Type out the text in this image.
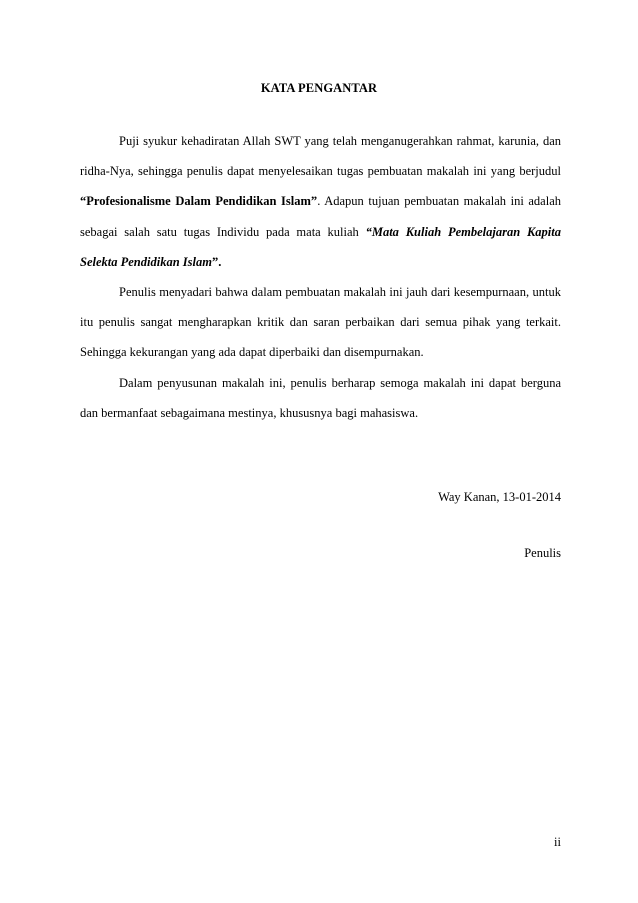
KATA PENGANTAR

Puji syukur kehadiratan Allah SWT yang telah menganugerahkan rahmat, karunia, dan ridha-Nya, sehingga penulis dapat menyelesaikan tugas pembuatan makalah ini yang berjudul “Profesionalisme Dalam Pendidikan Islam”. Adapun tujuan pembuatan makalah ini adalah sebagai salah satu tugas Individu pada mata kuliah “Mata Kuliah Pembelajaran Kapita Selekta Pendidikan Islam”.

Penulis menyadari bahwa dalam pembuatan makalah ini jauh dari kesempurnaan, untuk itu penulis sangat mengharapkan kritik dan saran perbaikan dari semua pihak yang terkait. Sehingga kekurangan yang ada dapat diperbaiki dan disempurnakan.

Dalam penyusunan makalah ini, penulis berharap semoga makalah ini dapat berguna dan bermanfaat sebagaimana mestinya, khususnya bagi mahasiswa.

Way Kanan, 13-01-2014
Penulis
ii
